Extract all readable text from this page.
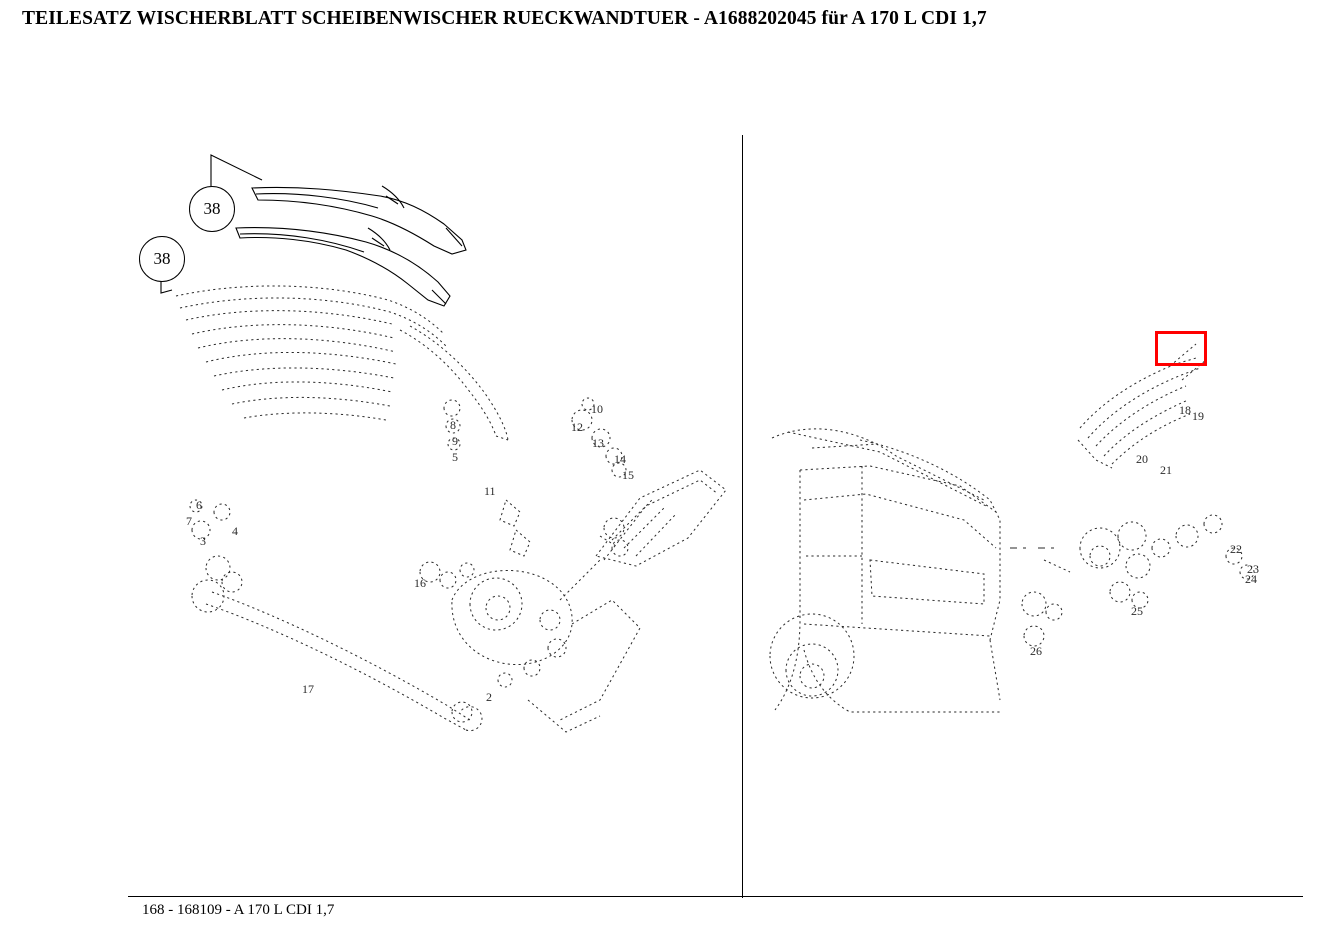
TEILESATZ WISCHERBLATT SCHEIBENWISCHER RUECKWANDTUER - A1688202045 für A 170 L CDI 1,7
38
38
168 - 168109 - A 170 L CDI 1,7
10
11
8
9
5
12
13
14
15
6
7
4
3
16
17
2
18 19
20
21
22
23
24
25
26
